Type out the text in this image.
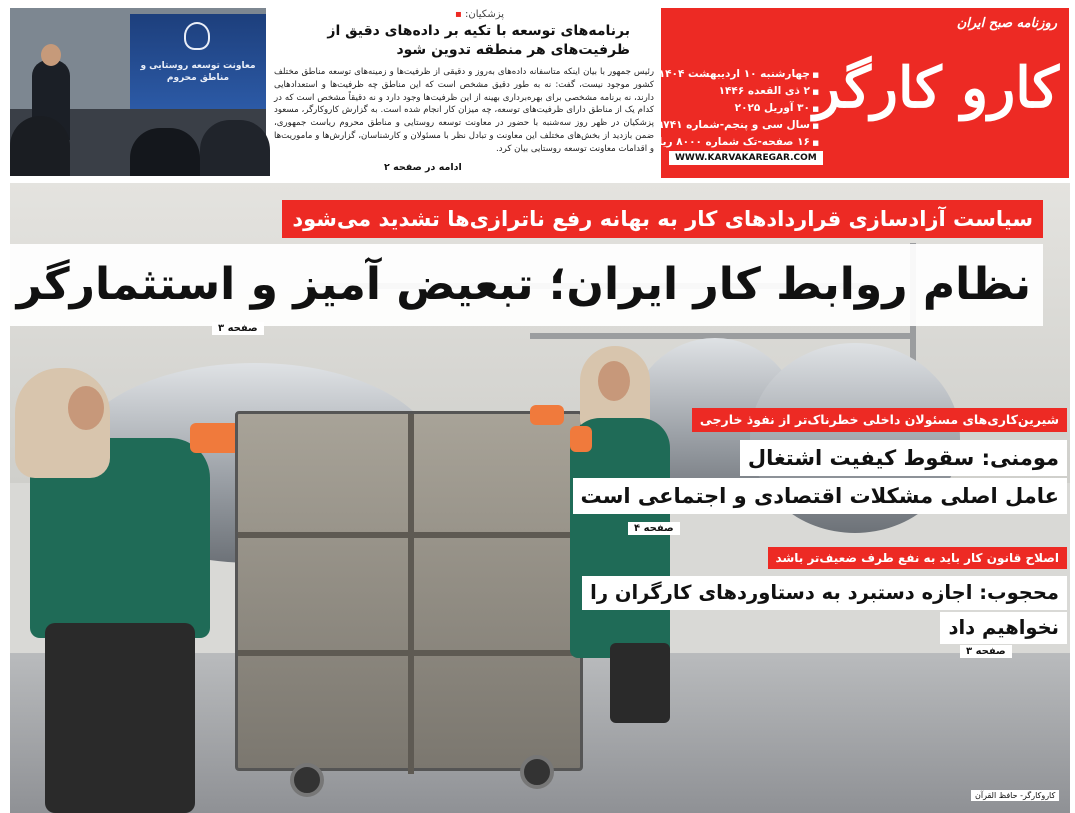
روزنامه صبح ایران
کارو کارگر
■ چهارشنبه ۱۰ اردیبهشت ۱۴۰۴
■ ۲ ذی القعده ۱۴۴۶
■ ۳۰ آوریل ۲۰۲۵
■ سال سی و پنجم-شماره ۹۷۴۱
■ ۱۶ صفحه-تک شماره ۸۰۰۰ ریال
WWW.KARVAKAREGAR.COM
معاونت توسعه روستایی و مناطق محروم
پزشکیان: ▪
برنامه‌های توسعه با تکیه بر داده‌های دقیق از ظرفیت‌های هر منطقه تدوین شود
رئیس جمهور با بیان اینکه متاسفانه داده‌های به‌روز و دقیقی از ظرفیت‌ها و زمینه‌های توسعه مناطق مختلف کشور موجود نیست، گفت: نه به طور دقیق مشخص است که این مناطق چه ظرفیت‌ها و استعدادهایی دارند، نه برنامه مشخصی برای بهره‌برداری بهینه از این ظرفیت‌ها وجود دارد و نه دقیقاً مشخص است که در کدام یک از مناطق دارای ظرفیت‌های توسعه، چه میزان کار انجام شده است. به گزارش کاروکارگر، مسعود پزشکیان در ظهر روز سه‌شنبه با حضور در معاونت توسعه روستایی و مناطق محروم ریاست جمهوری، ضمن بازدید از بخش‌های مختلف این معاونت و تبادل نظر با مسئولان و کارشناسان، گزارش‌ها و ماموریت‌ها و اقدامات معاونت توسعه روستایی بیان کرد.
ادامه در صفحه ۲
سیاست آزادسازی قراردادهای کار به بهانه رفع ناترازی‌ها تشدید می‌شود
نظام روابط کار ایران؛ تبعیض آمیز و استثمارگر
صفحه ۳
شیرین‌کاری‌های مسئولان داخلی خطرناک‌تر از نفوذ خارجی
مومنی: سقوط کیفیت اشتغال
عامل اصلی مشکلات اقتصادی و اجتماعی است
صفحه ۴
اصلاح قانون کار باید به نفع طرف ضعیف‌تر باشد
محجوب: اجازه دستبرد به دستاوردهای کارگران را
نخواهیم داد
صفحه ۳
کاروکارگر- حافظ القرآن
